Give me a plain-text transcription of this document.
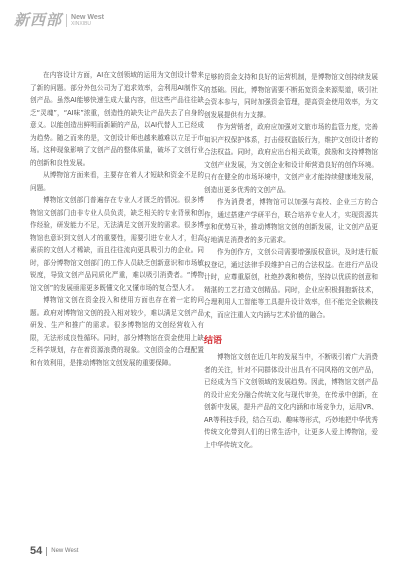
新西部 New West
XINXIBU

在内容设计方面，AI在文创领域的运用为文创设计带来了新的问题。部分外包公司为了追求效率，会利用AI制作文创产品。虽然AI能够快速生成大量内容，但这些产品往往缺乏“灵魂”，“AI味”浓重，创造性的缺失让产品失去了自身的意义。以能创造出鲜明而新颖的产品，以AI代替人工已经成为趋势。随之而来的是，文创设计师也越来越难以立足于市场。这种现象影响了文创产品的整体质量，破坏了文创行业的创新和良性发展。

从博物馆方面来看，主要存在着人才短缺和资金不足的问题。

博物馆文创部门普遍存在专业人才匮乏的情况。很多博物馆文创部门由非专业人员负责，缺乏相关的专业背景和创作经验，研发能力不足，无法满足文创开发的需求。很多博物馆也意识到文创人才的重要性，需要引进专业人才，但高素质的文创人才稀缺，而且往往流向更具吸引力的企业。同时，部分博物馆文创部门的工作人员缺乏创新意识和市场敏锐度，导致文创产品同质化严重，难以吸引消费者。“博物馆文创”的发展亟需更多既懂文化又懂市场的复合型人才。

博物馆文创在资金投入和使用方面也存在着一定的问题。政府对博物馆文创的投入相对较少，难以满足文创产品研发、生产和推广的需求。很多博物馆的文创经营收入有限，无法形成良性循环。同时，部分博物馆在资金使用上缺乏科学规划，存在着资源浪费的现象。文创资金的合理配置和有效利用，是推动博物馆文创发展的重要保障。

足够的资金支持和良好的运营机制，是博物馆文创持续发展的基础。因此，博物馆需要不断拓宽资金来源渠道，吸引社会资本参与，同时加强资金管理，提高资金使用效率，为文创发展提供有力支撑。

作为营销者，政府应加强对文旅市场的监管力度，完善知识产权保护体系，打击侵权盗版行为，维护文创设计者的合法权益。同时，政府应出台相关政策，鼓励和支持博物馆文创产业发展，为文创企业和设计师营造良好的创作环境。只有在健全的市场环境中，文创产业才能持续健康地发展，创造出更多优秀的文创产品。

作为消费者，博物馆可以加强与高校、企业三方的合作，通过搭建产学研平台，联合培养专业人才，实现资源共享和优势互补，推动博物馆文创的创新发展，让文创产品更好地满足消费者的多元需求。

作为创作方，文创公司需要增强版权意识，及时进行版权登记，通过法律手段维护自己的合法权益。在进行产品设计时，应尊重原创，杜绝抄袭和模仿，坚持以优质的创意和精湛的工艺打造文创精品。同时，企业应积极拥抱新技术，合理利用人工智能等工具提升设计效率，但不能完全依赖技术，而应注重人文内涵与艺术价值的融合。

结语

博物馆文创在近几年的发展当中，不断吸引着广大消费者的关注，针对不同群体设计出具有不同风格的文创产品，已经成为当下文创领域的发展趋势。因此，博物馆文创产品的设计应充分融合传统文化与现代审美，在传承中创新，在创新中发展，提升产品的文化内涵和市场竞争力，运用VR、AR等科技手段，结合互动、趣味等形式，巧妙地把中华优秀传统文化带到人们的日常生活中，让更多人爱上博物馆，爱上中华传统文化。

54 New West
